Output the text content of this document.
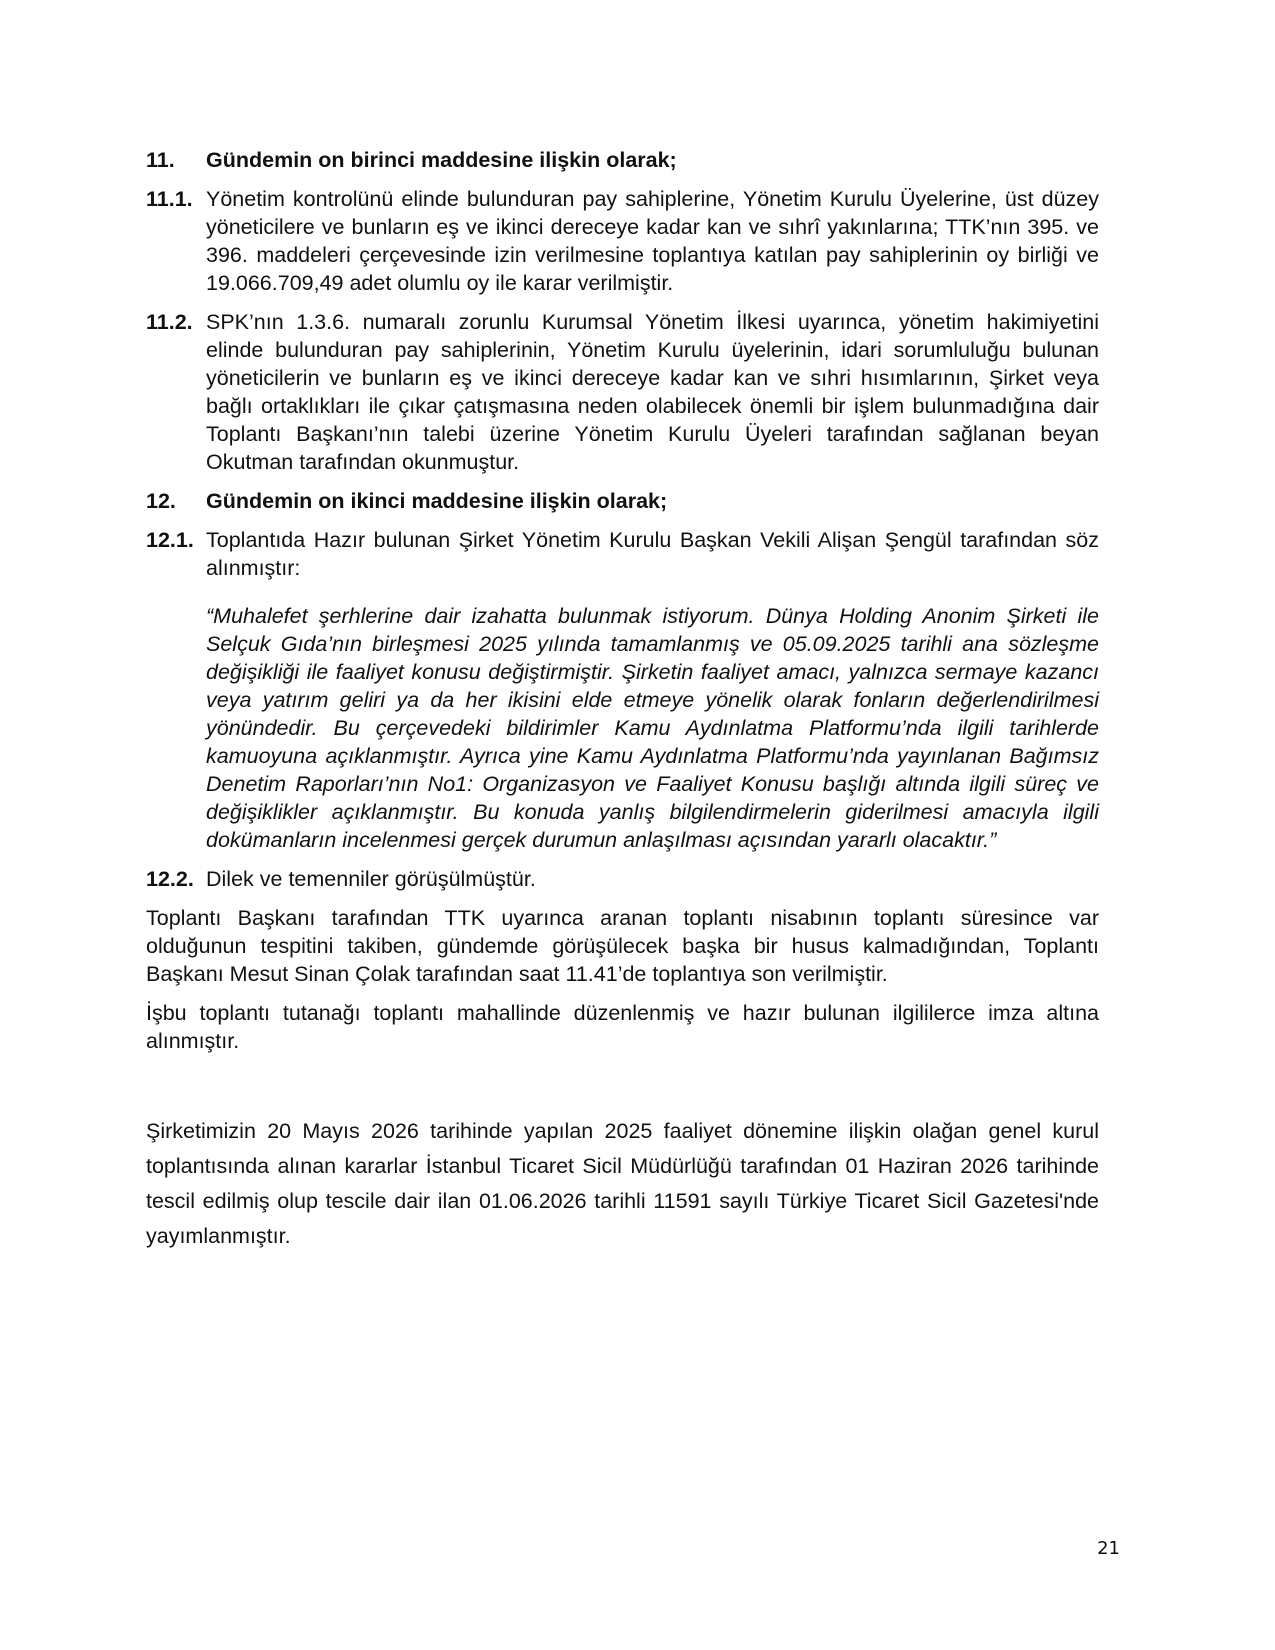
11.	Gündemin on birinci maddesine ilişkin olarak;
11.1. Yönetim kontrolünü elinde bulunduran pay sahiplerine, Yönetim Kurulu Üyelerine, üst düzey yöneticilere ve bunların eş ve ikinci dereceye kadar kan ve sıhrî yakınlarına; TTK’nın 395. ve 396. maddeleri çerçevesinde izin verilmesine toplantıya katılan pay sahiplerinin oy birliği ve 19.066.709,49 adet olumlu oy ile karar verilmiştir.
11.2. SPK’nın 1.3.6. numaralı zorunlu Kurumsal Yönetim İlkesi uyarınca, yönetim hakimiyetini elinde bulunduran pay sahiplerinin, Yönetim Kurulu üyelerinin, idari sorumluluğu bulunan yöneticilerin ve bunların eş ve ikinci dereceye kadar kan ve sıhri hısımlarının, Şirket veya bağlı ortaklıkları ile çıkar çatışmasına neden olabilecek önemli bir işlem bulunmadığına dair Toplantı Başkanı’nın talebi üzerine Yönetim Kurulu Üyeleri tarafından sağlanan beyan Okutman tarafından okunmuştur.
12.	Gündemin on ikinci maddesine ilişkin olarak;
12.1. Toplantıda Hazır bulunan Şirket Yönetim Kurulu Başkan Vekili Alişan Şengül tarafından söz alınmıştır:
“Muhalefet şerhlerine dair izahatta bulunmak istiyorum. Dünya Holding Anonim Şirketi ile Selçuk Gıda’nın birleşmesi 2025 yılında tamamlanmış ve 05.09.2025 tarihli ana sözleşme değişikliği ile faaliyet konusu değiştirmiştir. Şirketin faaliyet amacı, yalnızca sermaye kazancı veya yatırım geliri ya da her ikisini elde etmeye yönelik olarak fonların değerlendirilmesi yönündedir. Bu çerçevedeki bildirimler Kamu Aydınlatma Platformu’nda ilgili tarihlerde kamuoyuna açıklanmıştır. Ayrıca yine Kamu Aydınlatma Platformu’nda yayınlanan Bağımsız Denetim Raporları’nın No1: Organizasyon ve Faaliyet Konusu başlığı altında ilgili süreç ve değişiklikler açıklanmıştır. Bu konuda yanlış bilgilendirmelerin giderilmesi amacıyla ilgili dokümanların incelenmesi gerçek durumun anlaşılması açısından yararlı olacaktır.”
12.2. Dilek ve temenniler görüşülmüştür.
Toplantı Başkanı tarafından TTK uyarınca aranan toplantı nisabının toplantı süresince var olduğunun tespitini takiben, gündemde görüşülecek başka bir husus kalmadığından, Toplantı Başkanı Mesut Sinan Çolak tarafından saat 11.41’de toplantıya son verilmiştir.
İşbu toplantı tutanağı toplantı mahallinde düzenlenmiş ve hazır bulunan ilgililerce imza altına alınmıştır.
Şirketimizin 20 Mayıs 2026 tarihinde yapılan 2025 faaliyet dönemine ilişkin olağan genel kurul toplantısında alınan kararlar İstanbul Ticaret Sicil Müdürlüğü tarafından 01 Haziran 2026 tarihinde tescil edilmiş olup tescile dair ilan 01.06.2026 tarihli 11591 sayılı Türkiye Ticaret Sicil Gazetesi'nde yayımlanmıştır.
21
